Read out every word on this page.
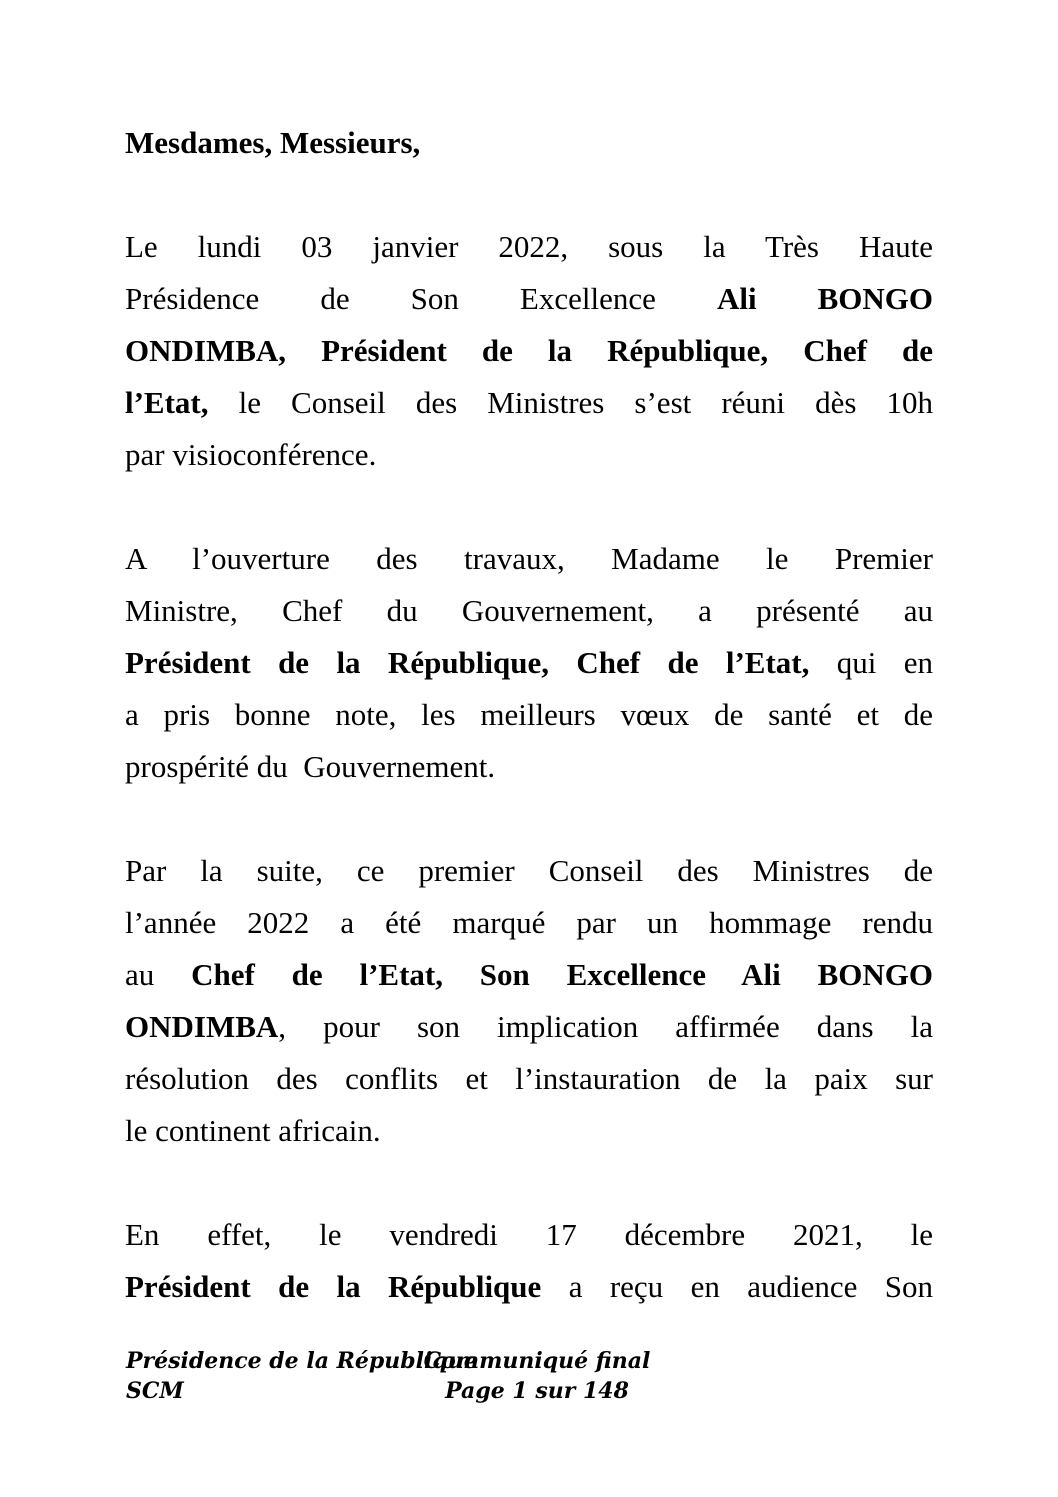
Mesdames, Messieurs,
Le lundi 03 janvier 2022, sous la Très Haute
Présidence de Son Excellence Ali BONGO
ONDIMBA, Président de la République, Chef de
l’Etat, le Conseil des Ministres s’est réuni dès 10h
par visioconférence.
A l’ouverture des travaux, Madame le Premier
Ministre, Chef du Gouvernement, a présenté au
Président de la République, Chef de l’Etat, qui en
a pris bonne note, les meilleurs vœux de santé et de
prospérité du  Gouvernement.
Par la suite, ce premier Conseil des Ministres de
l’année 2022 a été marqué par un hommage rendu
au Chef de l’Etat, Son Excellence Ali BONGO
ONDIMBA, pour son implication affirmée dans la
résolution des conflits et l’instauration de la paix sur
le continent africain.
En effet, le vendredi 17 décembre 2021, le
Président de la République a reçu en audience Son
Présidence de la République
SCM
Communiqué final
Page 1 sur 148
